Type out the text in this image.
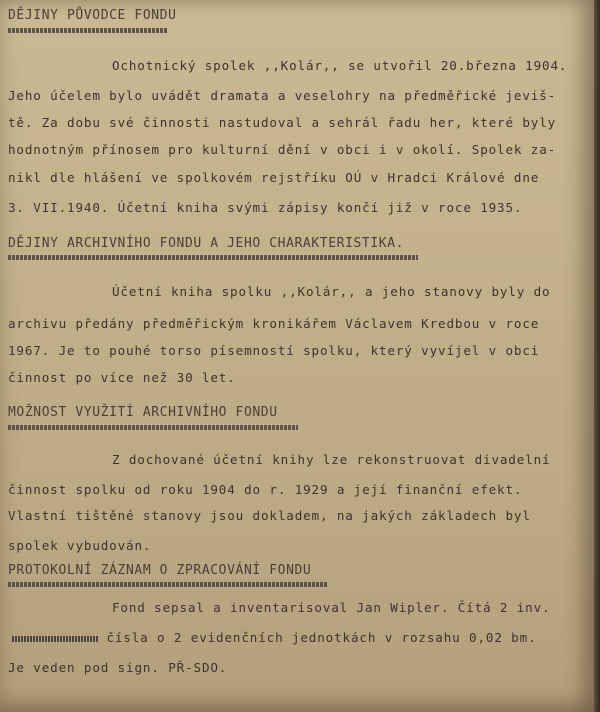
DĚJINY PŮVODCE FONDU
Ochotnický spolek ,,Kolár,, se utvořil 20.března 1904.
Jeho účelem bylo uvádět dramata a veselohry na předměřické jeviš-
tě. Za dobu své činnosti nastudoval a sehrál řadu her, které byly
hodnotným přínosem pro kulturní dění v obci i v okolí. Spolek za-
nikl dle hlášení ve spolkovém rejstříku OÚ v Hradci Králové dne
3. VII.1940. Účetní kniha svými zápisy končí již v roce 1935.
DĚJINY ARCHIVNÍHO FONDU A JEHO CHARAKTERISTIKA.
Účetní kniha spolku ,,Kolár,, a jeho stanovy byly do
archivu předány předměřickým kronikářem Václavem Kredbou v roce
1967. Je to pouhé torso písemností spolku, který vyvíjel v obci
činnost po více než 30 let.
MOŽNOST VYUŽITÍ ARCHIVNÍHO FONDU
Z dochované účetní knihy lze rekonstruovat divadelní
činnost spolku od roku 1904 do r. 1929 a její finanční efekt.
Vlastní tištěné stanovy jsou dokladem, na jakých základech byl
spolek vybudován.
PROTOKOLNÍ ZÁZNAM O ZPRACOVÁNÍ FONDU
Fond sepsal a inventarisoval Jan Wipler. Čítá 2 inv.
čísla o 2 evidenčních jednotkách v rozsahu 0,02 bm.
Je veden pod sign. PŘ-SDO.
